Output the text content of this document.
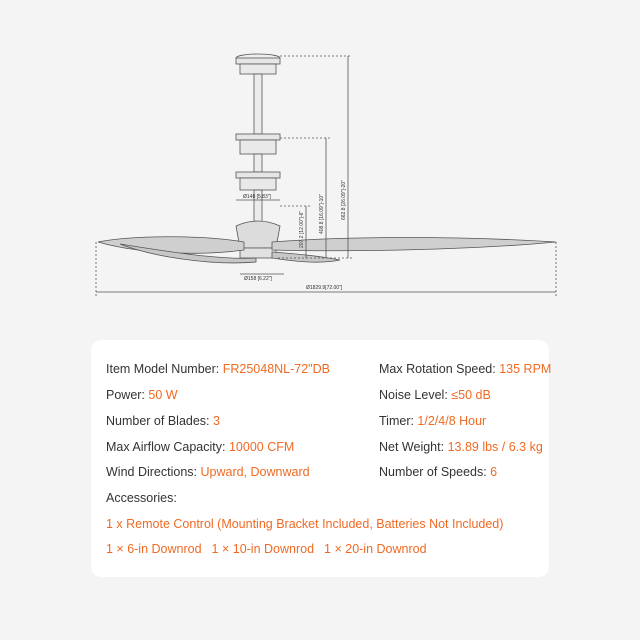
Ø148 [5.83"]
Ø158 [6.22"]
Ø1829.9[72.00"]
207.2 [12.00"]-6"	408.8 [16.09"]-10"	662.8 [26.09"]-20"
Item Model Number: FR25048NL-72"DB
Power: 50 W
Number of Blades: 3
Max Airflow Capacity: 10000 CFM
Wind Directions: Upward, Downward
Max Rotation Speed: 135 RPM
Noise Level: ≤50 dB
Timer: 1/2/4/8 Hour
Net Weight: 13.89 lbs / 6.3 kg
Number of Speeds: 6
Accessories:
1 x Remote Control (Mounting Bracket Included, Batteries Not Included)
1 × 6-in Downrod 1 × 10-in Downrod 1 × 20-in Downrod
